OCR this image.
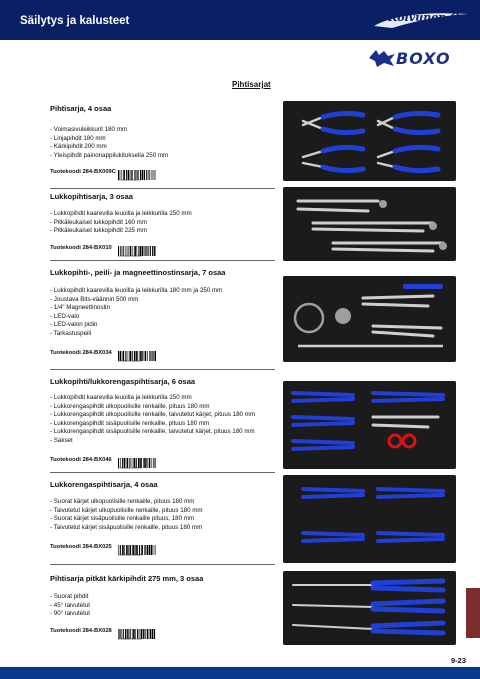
Säilytys ja kalusteet	Koivunen Oy
BOXO
Pihtisarjat
Pihtisarja, 4 osaa
- Voimasivuleikkurit 180 mm
- Linjapihdit 180 mm
- Kärkipihdit 200 mm
- Yleispihdit painonappilukituksella 250 mm
Tuotekoodi 284-BX009C
6 416240 934617
Lukkopihtisarja, 3 osaa
- Lukkopihdit kaarevilla leuoilla ja leikkurilla 250 mm
- Pitkäleukaiset lukkopihdit 160 mm
- Pitkäleukaiset lukkopihdit 225 mm
Tuotekoodi 284-BX010
6 416240 934693
Lukkopihti-, peili- ja magneettinostinsarja, 7 osaa
- Lukkopihdit kaarevilla leuoilla ja leikkurilla 180 mm ja 250 mm
- Joustava Bits-väännin 500 mm
- 1/4" Magneettinostin
- LED-valo
- LED-valon pidin
- Tarkastuspeili
Tuotekoodi 284-BX034
6 416240 935430
Lukkopihti/lukkorengaspihtisarja, 6 osaa
- Lukkopihdit kaarevilla leuoilla ja leikkurilla 250 mm
- Lukkorengaspihdit ulkopuolisille renkaille, pituus 180 mm
- Lukkorengaspihdit ulkopuolisille renkaille, taivutetut kärjet, pituus 180 mm
- Lukkorengaspihdit sisäpuolisille renkaille, pituus 180 mm
- Lukkorengaspihdit sisäpuolisille renkaille, taivutetut kärjet, pituus 180 mm
- Sakset
Tuotekoodi 284-BX046
6 416240 971650
Lukkorengaspihtisarja, 4 osaa
- Suorat kärjet ulkopuolisille renkaille, pituus 180 mm
- Taivutetut kärjet ulkopuolisille renkaille, pituus 180 mm
- Suorat kärjet sisäpuolisille renkaille pituus, 180 mm
- Taivutetut kärjet sisäpuolisille renkaille, pituus 180 mm
Tuotekoodi 284-BX025
6 416240 935362
Pihtisarja pitkät kärkipihdit 275 mm, 3 osaa
- Suorat pihdit
- 45° taivutetut
- 90° taivutetut
Tuotekoodi 284-BX028
6 416240 935393
9-23
